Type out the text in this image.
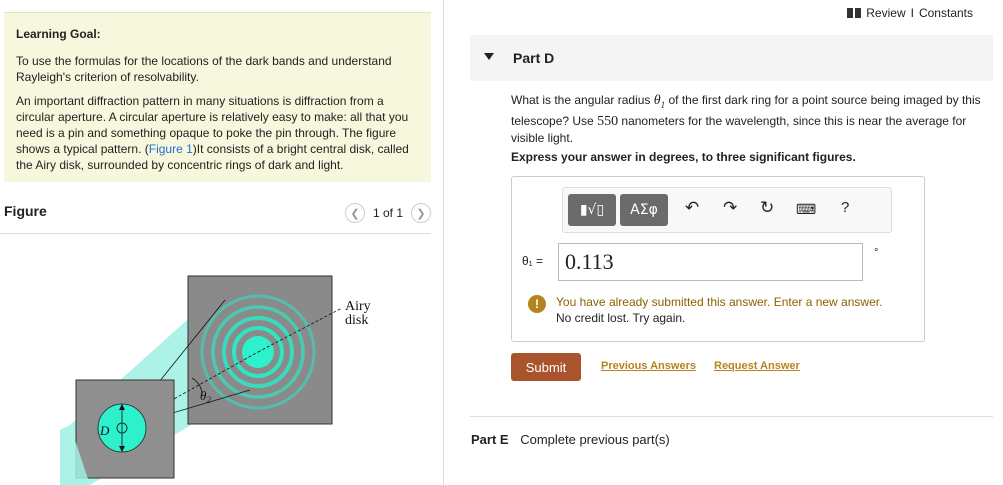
Learning Goal:

To use the formulas for the locations of the dark bands and understand Rayleigh's criterion of resolvability.

An important diffraction pattern in many situations is diffraction from a circular aperture. A circular aperture is relatively easy to make: all that you need is a pin and something opaque to poke the pin through. The figure shows a typical pattern. (Figure 1)It consists of a bright central disk, called the Airy disk, surrounded by concentric rings of dark and light.

Figure	❮	1 of 1	❯
Airy
disk
$\theta_2$
D
Review I Constants
Part D
What is the angular radius $\theta_1$ of the first dark ring for a point source being imaged by this telescope? Use 550 nanometers for the wavelength, since this is near the average for visible light.
Express your answer in degrees, to three significant figures.
▮√▯	ΑΣφ	↶ ↷ ↻ ⌨ ?
θ₁ =
0.113
°
!	You have already submitted this answer. Enter a new answer.
No credit lost. Try again.
Submit	Previous Answers Request Answer
Part E Complete previous part(s)
